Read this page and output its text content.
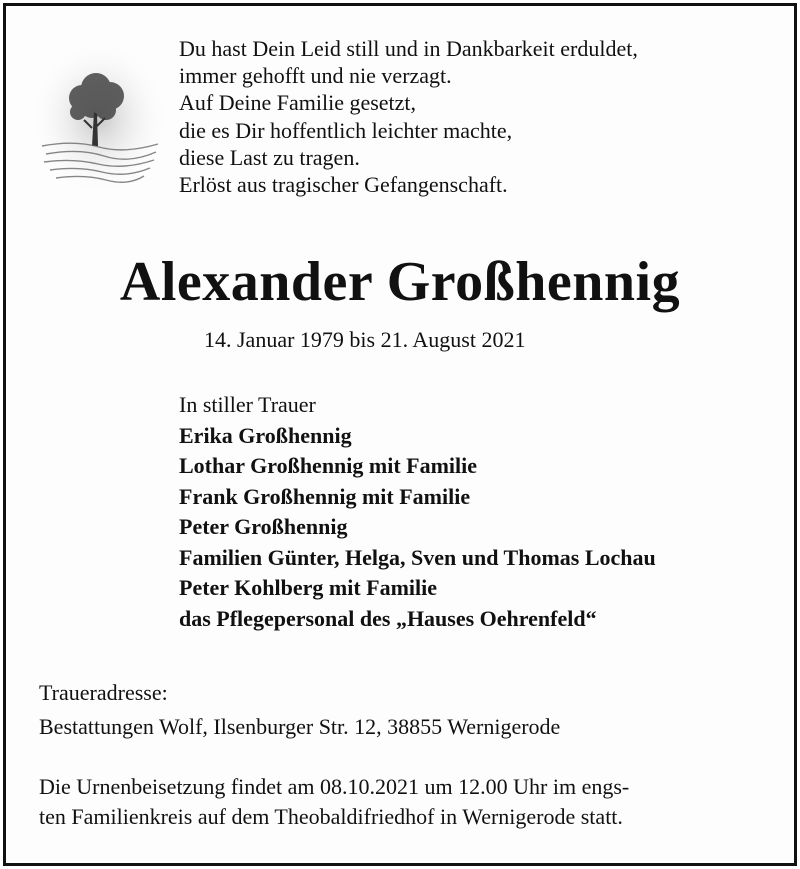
Du hast Dein Leid still und in Dankbarkeit erduldet,
immer gehofft und nie verzagt.
Auf Deine Familie gesetzt,
die es Dir hoffentlich leichter machte,
diese Last zu tragen.
Erlöst aus tragischer Gefangenschaft.
Alexander Großhennig
14. Januar 1979 bis 21. August 2021
In stiller Trauer
Erika Großhennig
Lothar Großhennig mit Familie
Frank Großhennig mit Familie
Peter Großhennig
Familien Günter, Helga, Sven und Thomas Lochau
Peter Kohlberg mit Familie
das Pflegepersonal des „Hauses Oehrenfeld“
Traueradresse:
Bestattungen Wolf, Ilsenburger Str. 12, 38855 Wernigerode
Die Urnenbeisetzung findet am 08.10.2021 um 12.00 Uhr im engs-
ten Familienkreis auf dem Theobaldifriedhof in Wernigerode statt.
